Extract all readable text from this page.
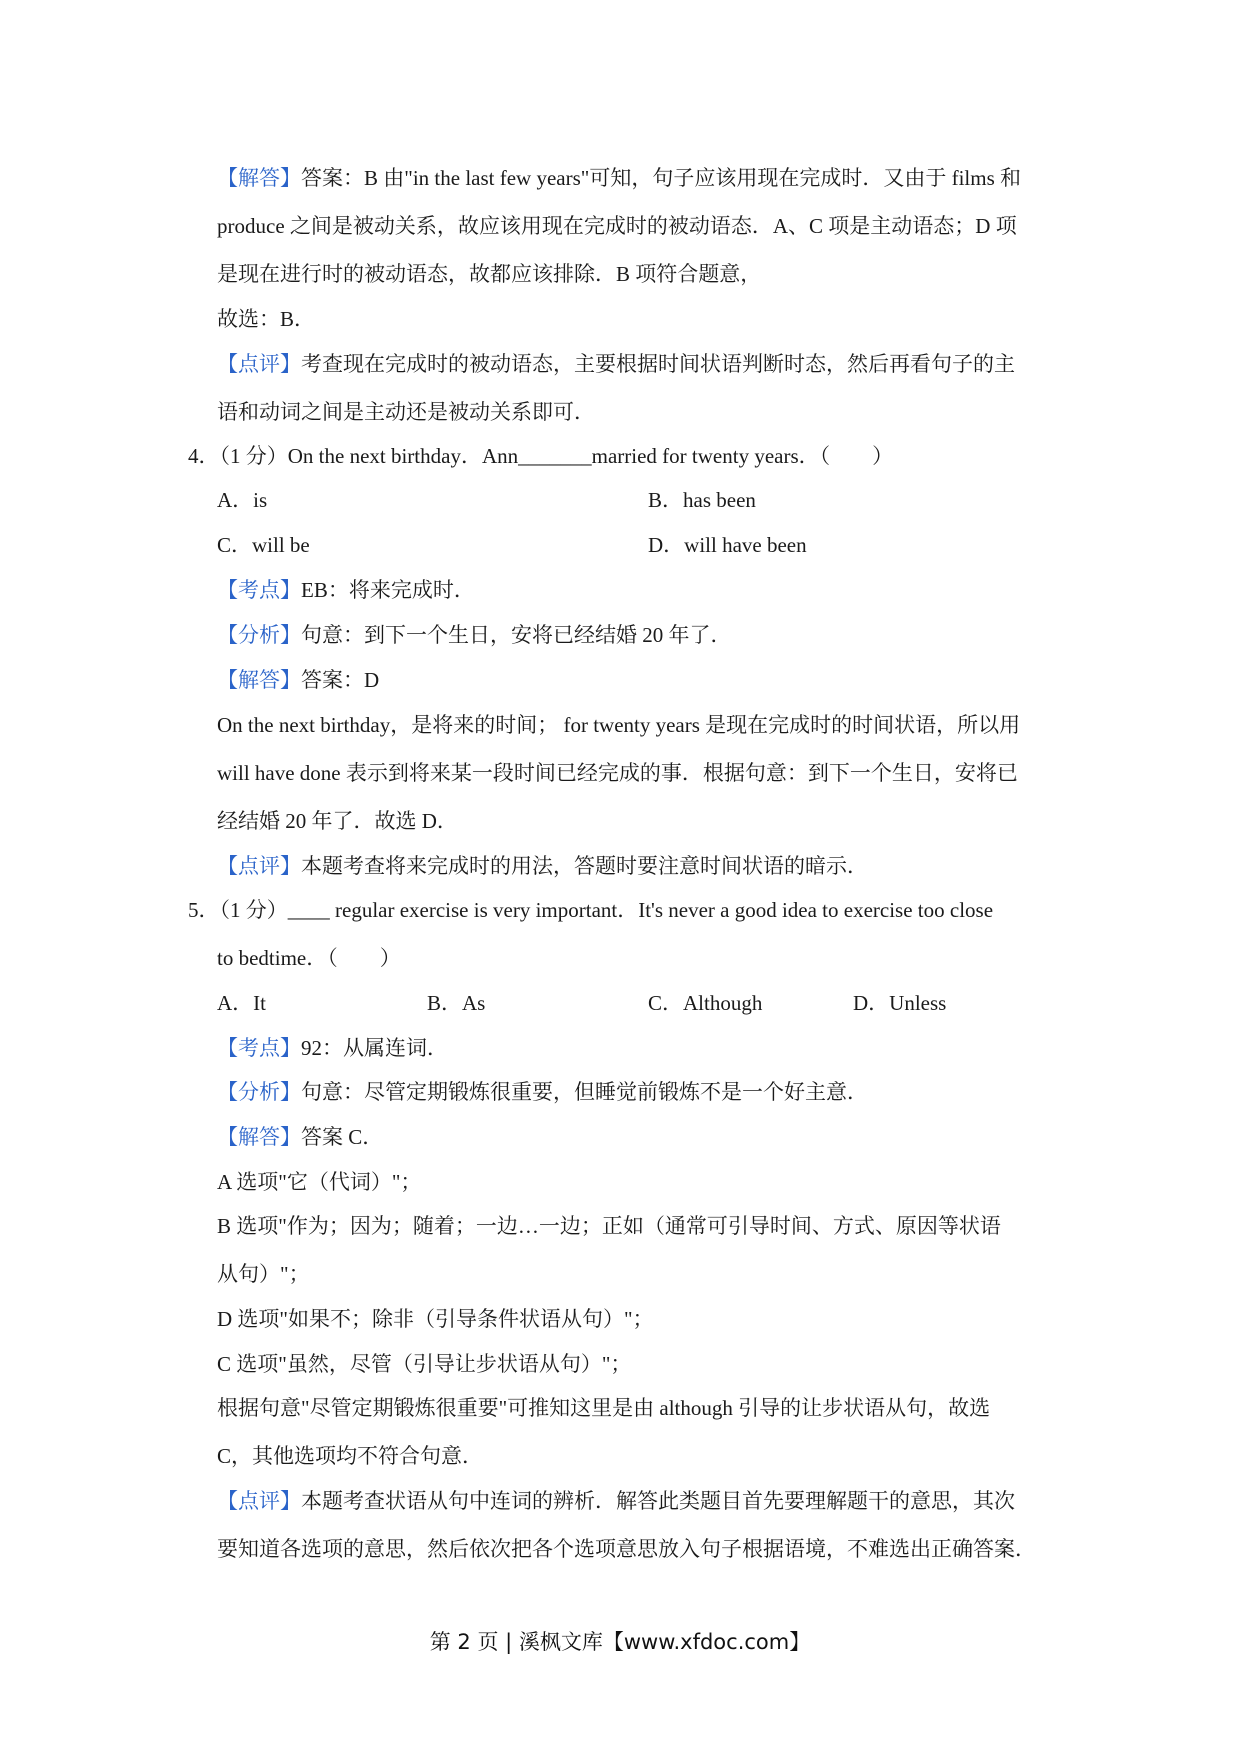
【解答】答案：B 由"in the last few years"可知，句子应该用现在完成时．又由于 films 和
produce 之间是被动关系，故应该用现在完成时的被动语态．A、C 项是主动语态；D 项
是现在进行时的被动语态，故都应该排除．B 项符合题意，
故选：B．
【点评】考查现在完成时的被动语态，主要根据时间状语判断时态，然后再看句子的主
语和动词之间是主动还是被动关系即可．
4．（1 分）On the next birthday．Ann_______married for twenty years．（　　）
A．is	B．has been
C．will be	D．will have been
【考点】EB：将来完成时．
【分析】句意：到下一个生日，安将已经结婚 20 年了．
【解答】答案：D
On the next birthday，是将来的时间； for twenty years 是现在完成时的时间状语，所以用
will have done 表示到将来某一段时间已经完成的事．根据句意：到下一个生日，安将已
经结婚 20 年了．故选 D．
【点评】本题考查将来完成时的用法，答题时要注意时间状语的暗示．
5．（1 分）____ regular exercise is very important．It's never a good idea to exercise too close
to bedtime．（　　）
A．It	B．As	C．Although	D．Unless
【考点】92：从属连词．
【分析】句意：尽管定期锻炼很重要，但睡觉前锻炼不是一个好主意．
【解答】答案 C．
A 选项"它（代词）"；
B 选项"作为；因为；随着；一边…一边；正如（通常可引导时间、方式、原因等状语
从句）"；
D 选项"如果不；除非（引导条件状语从句）"；
C 选项"虽然，尽管（引导让步状语从句）"；
根据句意"尽管定期锻炼很重要"可推知这里是由 although 引导的让步状语从句，故选
C，其他选项均不符合句意．
【点评】本题考查状语从句中连词的辨析．解答此类题目首先要理解题干的意思，其次
要知道各选项的意思，然后依次把各个选项意思放入句子根据语境，不难选出正确答案．
第 2 页 | 溪枫文库【www.xfdoc.com】
